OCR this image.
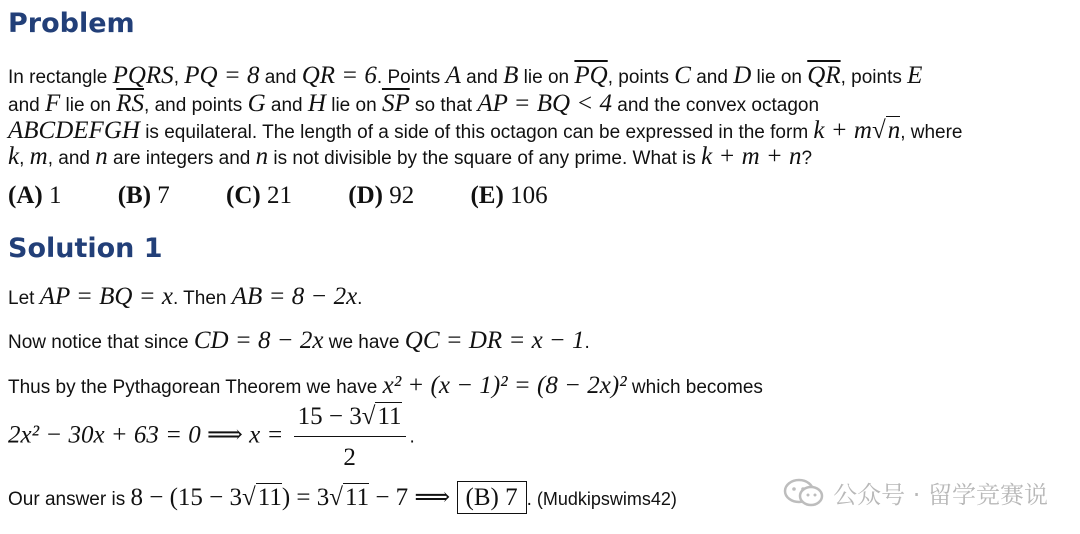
Problem
In rectangle PQRS, PQ = 8 and QR = 6. Points A and B lie on $\overline{PQ}$, points C and D lie on $\overline{QR}$, points E
and F lie on $\overline{RS}$, and points G and H lie on $\overline{SP}$ so that AP = BQ < 4 and the convex octagon
ABCDEFGH is equilateral. The length of a side of this octagon can be expressed in the form k + m√n, where
k, m, and n are integers and n is not divisible by the square of any prime. What is k + m + n?
(A) 1 (B) 7 (C) 21 (D) 92 (E) 106
Solution 1
Let AP = BQ = x. Then AB = 8 − 2x.
Now notice that since CD = 8 − 2x we have QC = DR = x − 1.
Thus by the Pythagorean Theorem we have x² + (x − 1)² = (8 − 2x)² which becomes
2x² − 30x + 63 = 0 ⟹ $x = \frac{15 - 3√11}{2}$ .
Our answer is 8 − (15 − 3√11) = 3√11 − 7 ⟹ (B) 7 . (Mudkipswims42)	公众号 · 留学竞赛说
